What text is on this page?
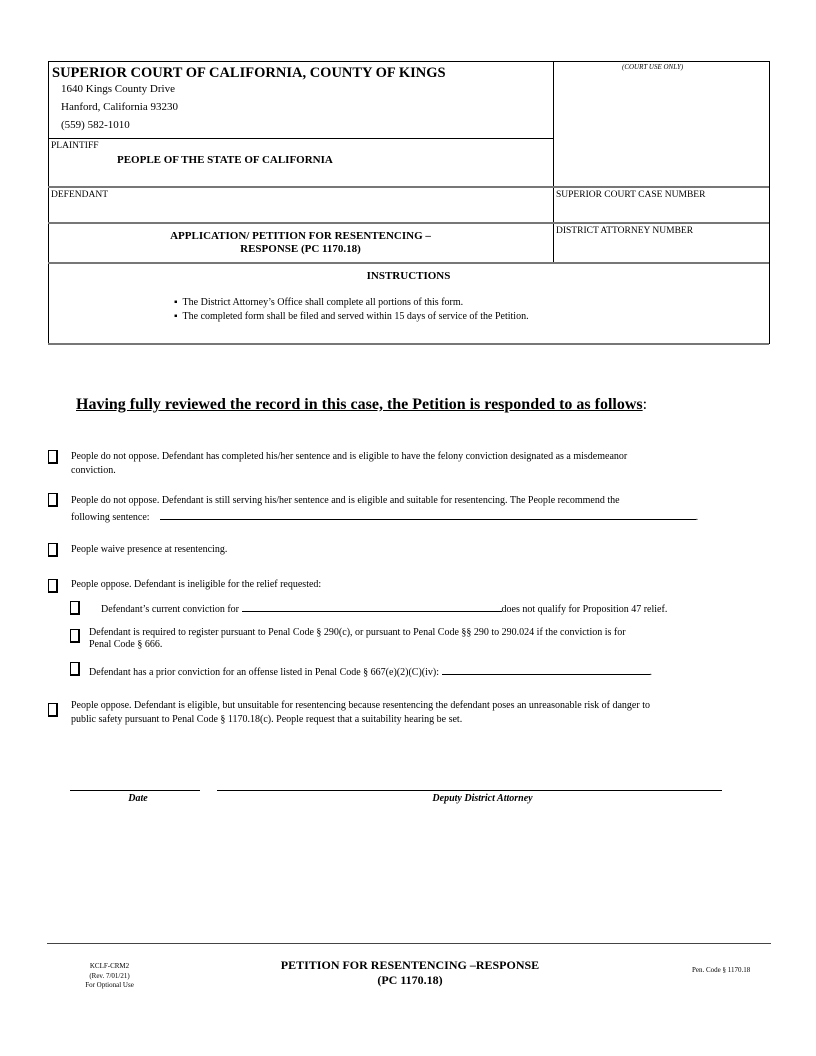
SUPERIOR COURT OF CALIFORNIA, COUNTY OF KINGS
1640 Kings County Drive
Hanford, California 93230
(559) 582-1010
(COURT USE ONLY)
PLAINTIFF
PEOPLE OF THE STATE OF CALIFORNIA
DEFENDANT	SUPERIOR COURT CASE NUMBER
APPLICATION/ PETITION FOR RESENTENCING –
RESPONSE (PC 1170.18)
DISTRICT ATTORNEY NUMBER
INSTRUCTIONS
▪  The District Attorney’s Office shall complete all portions of this form.
▪  The completed form shall be filed and served within 15 days of service of the Petition.
Having fully reviewed the record in this case, the Petition is responded to as follows:
People do not oppose. Defendant has completed his/her sentence and is eligible to have the felony conviction designated as a misdemeanor
conviction.
People do not oppose. Defendant is still serving his/her sentence and is eligible and suitable for resentencing. The People recommend the
following sentence:	.
People waive presence at resentencing.
People oppose. Defendant is ineligible for the relief requested:
Defendant’s current conviction for	does not qualify for Proposition 47 relief.
Defendant is required to register pursuant to Penal Code § 290(c), or pursuant to Penal Code §§ 290 to 290.024 if the conviction is for
Penal Code § 666.
Defendant has a prior conviction for an offense listed in Penal Code § 667(e)(2)(C)(iv):	.
People oppose. Defendant is eligible, but unsuitable for resentencing because resentencing the defendant poses an unreasonable risk of danger to
public safety pursuant to Penal Code § 1170.18(c). People request that a suitability hearing be set.
Date	Deputy District Attorney
KCLF-CRM2
(Rev. 7/01/21)
For Optional Use
PETITION FOR RESENTENCING –RESPONSE
(PC 1170.18)
Pen. Code § 1170.18
